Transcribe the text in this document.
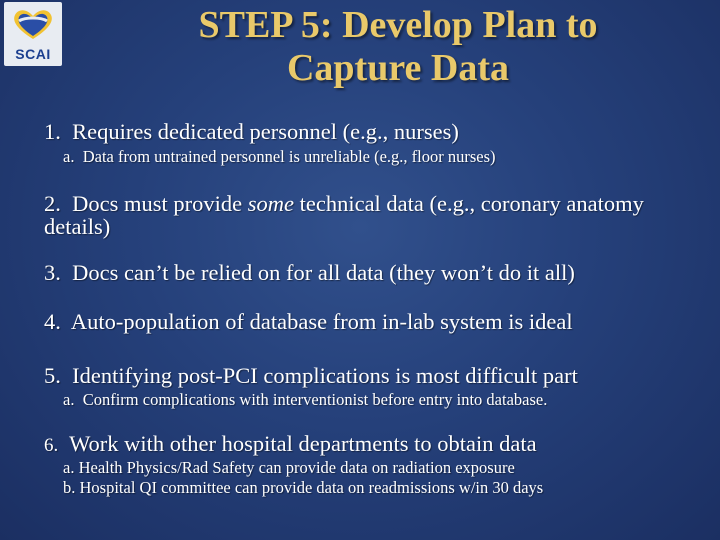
SCAI
STEP 5: Develop Plan to
Capture Data

1. Requires dedicated personnel (e.g., nurses)

a. Data from untrained personnel is unreliable (e.g., floor nurses)

2. Docs must provide some technical data (e.g., coronary anatomy details)

3. Docs can’t be relied on for all data (they won’t do it all)

4. Auto-population of database from in-lab system is ideal

5. Identifying post-PCI complications is most difficult part

a. Confirm complications with interventionist before entry into database.

6. Work with other hospital departments to obtain data

a. Health Physics/Rad Safety can provide data on radiation exposure

b. Hospital QI committee can provide data on readmissions w/in 30 days
